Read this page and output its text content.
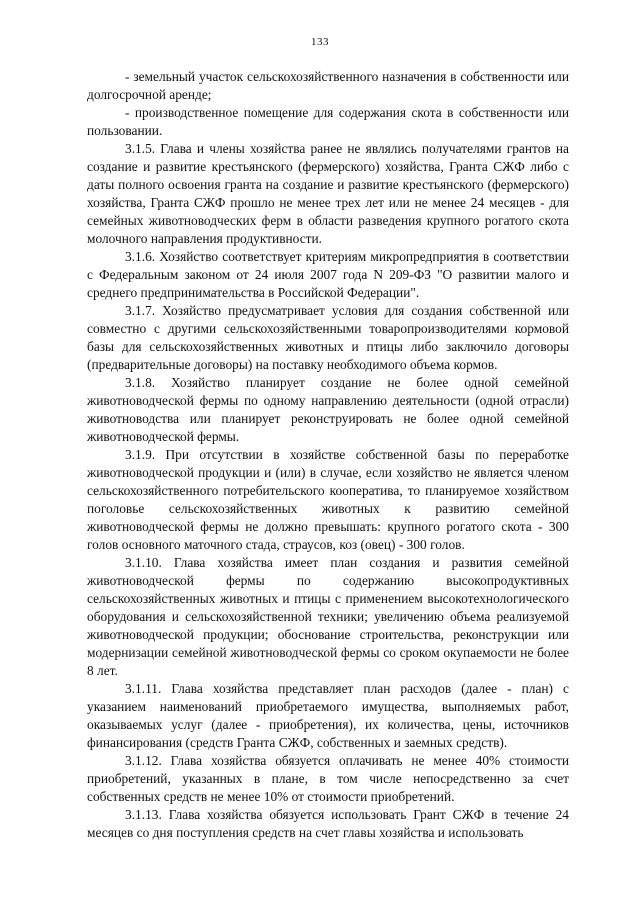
133

- земельный участок сельскохозяйственного назначения в собственности или долгосрочной аренде;

- производственное помещение для содержания скота в собственности или пользовании.

3.1.5. Глава и члены хозяйства ранее не являлись получателями грантов на создание и развитие крестьянского (фермерского) хозяйства, Гранта СЖФ либо с даты полного освоения гранта на создание и развитие крестьянского (фермерского) хозяйства, Гранта СЖФ прошло не менее трех лет или не менее 24 месяцев - для семейных животноводческих ферм в области разведения крупного рогатого скота молочного направления продуктивности.

3.1.6. Хозяйство соответствует критериям микропредприятия в соответствии с Федеральным законом от 24 июля 2007 года N 209-ФЗ "О развитии малого и среднего предпринимательства в Российской Федерации".

3.1.7. Хозяйство предусматривает условия для создания собственной или совместно с другими сельскохозяйственными товаропроизводителями кормовой базы для сельскохозяйственных животных и птицы либо заключило договоры (предварительные договоры) на поставку необходимого объема кормов.

3.1.8. Хозяйство планирует создание не более одной семейной животноводческой фермы по одному направлению деятельности (одной отрасли) животноводства или планирует реконструировать не более одной семейной животноводческой фермы.

3.1.9. При отсутствии в хозяйстве собственной базы по переработке животноводческой продукции и (или) в случае, если хозяйство не является членом сельскохозяйственного потребительского кооператива, то планируемое хозяйством поголовье сельскохозяйственных животных к развитию семейной животноводческой фермы не должно превышать: крупного рогатого скота - 300 голов основного маточного стада, страусов, коз (овец) - 300 голов.

3.1.10. Глава хозяйства имеет план создания и развития семейной животноводческой фермы по содержанию высокопродуктивных сельскохозяйственных животных и птицы с применением высокотехнологического оборудования и сельскохозяйственной техники; увеличению объема реализуемой животноводческой продукции; обоснование строительства, реконструкции или модернизации семейной животноводческой фермы со сроком окупаемости не более 8 лет.

3.1.11. Глава хозяйства представляет план расходов (далее - план) с указанием наименований приобретаемого имущества, выполняемых работ, оказываемых услуг (далее - приобретения), их количества, цены, источников финансирования (средств Гранта СЖФ, собственных и заемных средств).

3.1.12. Глава хозяйства обязуется оплачивать не менее 40% стоимости приобретений, указанных в плане, в том числе непосредственно за счет собственных средств не менее 10% от стоимости приобретений.

3.1.13. Глава хозяйства обязуется использовать Грант СЖФ в течение 24 месяцев со дня поступления средств на счет главы хозяйства и использовать
